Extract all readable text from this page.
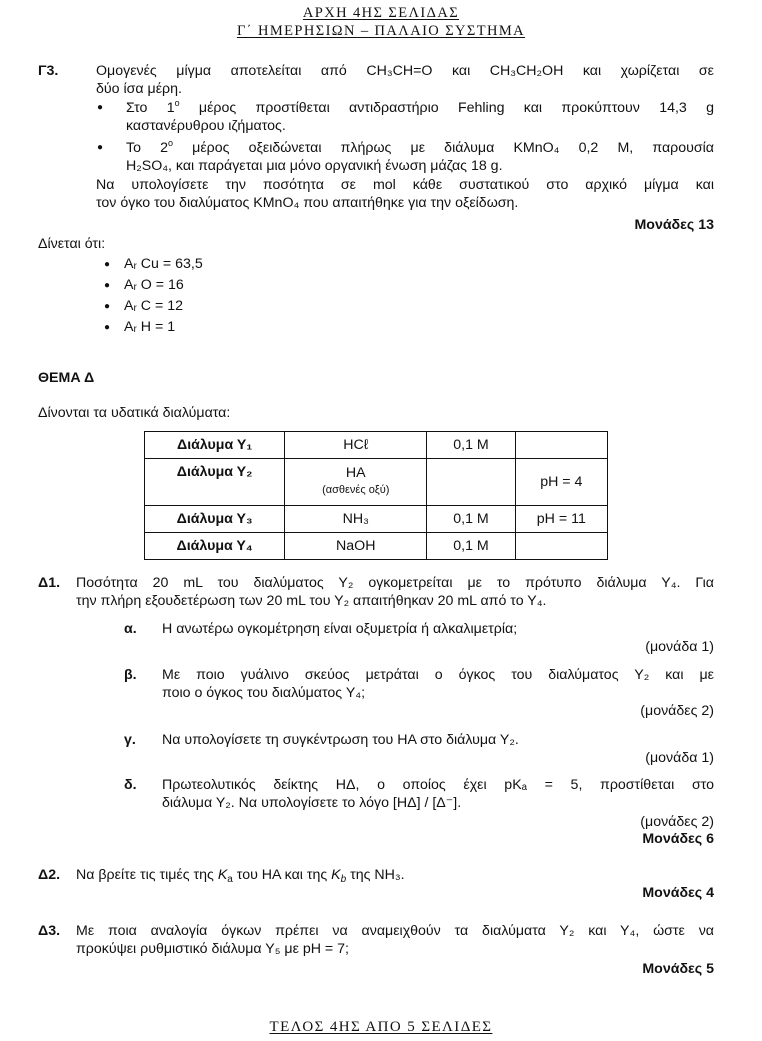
ΑΡΧΗ 4ΗΣ ΣΕΛΙΔΑΣ
Γ΄ ΗΜΕΡΗΣΙΩΝ – ΠΑΛΑΙΟ ΣΥΣΤΗΜΑ
Γ3.	Ομογενές μίγμα αποτελείται από CH₃CH=O και CH₃CH₂OH και χωρίζεται σε
δύο ίσα μέρη.
● Στο $1^o$ μέρος προστίθεται αντιδραστήριο Fehling και προκύπτουν 14,3 g
καστανέρυθρου ιζήματος.
● Το $2^o$ μέρος οξειδώνεται πλήρως με διάλυμα KMnO₄ 0,2 M, παρουσία
H₂SO₄, και παράγεται μια μόνο οργανική ένωση μάζας 18 g.
Να υπολογίσετε την ποσότητα σε mol κάθε συστατικού στο αρχικό μίγμα και
τον όγκο του διαλύματος KMnO₄ που απαιτήθηκε για την οξείδωση.
Μονάδες 13
Δίνεται ότι:
● Aᵣ Cu = 63,5
● Aᵣ O = 16
● Aᵣ C = 12
● Aᵣ H = 1
ΘΕΜΑ Δ
Δίνονται τα υδατικά διαλύματα:
Διάλυμα Υ₁	HCℓ	0,1 M	
Διάλυμα Υ₂	HA
(ασθενές οξύ)		pH = 4
Διάλυμα Υ₃	NH₃	0,1 M	pH = 11
Διάλυμα Υ₄	NaOH	0,1 M	
Δ1. Ποσότητα 20 mL του διαλύματος Υ₂ ογκομετρείται με το πρότυπο διάλυμα Υ₄. Για
την πλήρη εξουδετέρωση των 20 mL του Υ₂ απαιτήθηκαν 20 mL από το Υ₄.
α. Η ανωτέρω ογκομέτρηση είναι οξυμετρία ή αλκαλιμετρία;
(μονάδα 1)
β. Με ποιο γυάλινο σκεύος μετράται ο όγκος του διαλύματος Υ₂ και με
ποιο ο όγκος του διαλύματος Υ₄;
(μονάδες 2)
γ. Να υπολογίσετε τη συγκέντρωση του HA στο διάλυμα Υ₂.
(μονάδα 1)
δ. Πρωτεολυτικός δείκτης HΔ, ο οποίος έχει pKₐ = 5, προστίθεται στο
διάλυμα Υ₂. Να υπολογίσετε το λόγο [HΔ] / [Δ⁻].
(μονάδες 2)
Μονάδες 6
Δ2. Να βρείτε τις τιμές της $K_a$ του HA και της $K_b$ της NH₃.
Μονάδες 4
Δ3. Με ποια αναλογία όγκων πρέπει να αναμειχθούν τα διαλύματα Υ₂ και Υ₄, ώστε να
προκύψει ρυθμιστικό διάλυμα Υ₅ με pH = 7;
Μονάδες 5
ΤΕΛΟΣ 4ΗΣ ΑΠΟ 5 ΣΕΛΙΔΕΣ
